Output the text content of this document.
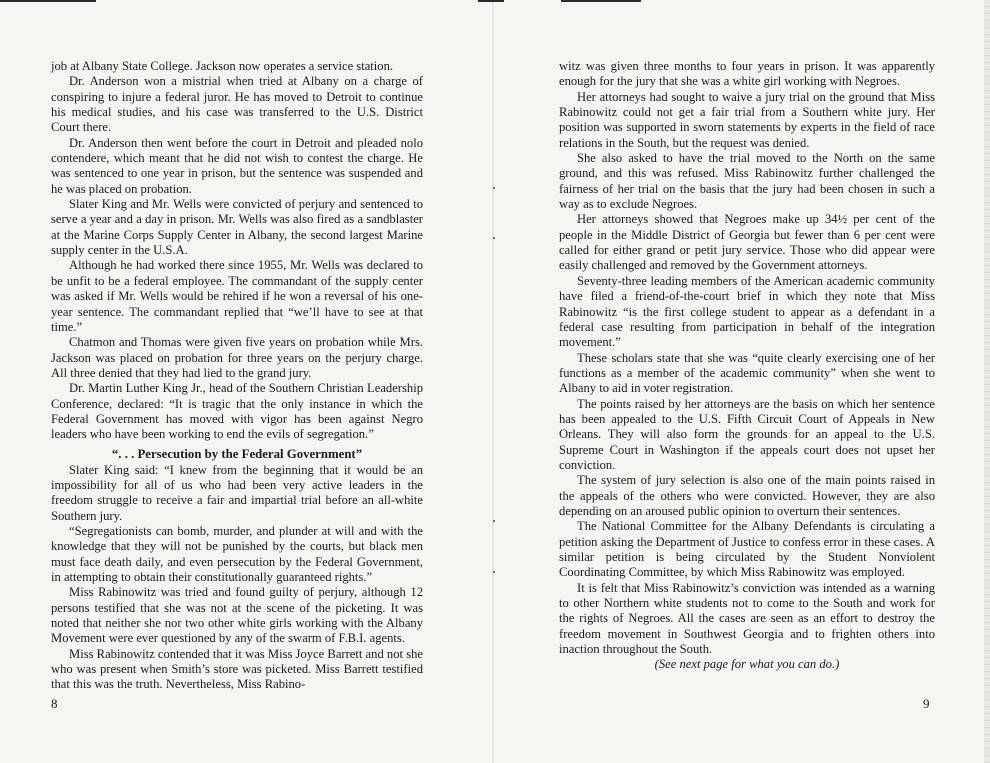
job at Albany State College. Jackson now operates a service station.

Dr. Anderson won a mistrial when tried at Albany on a charge of conspiring to injure a federal juror. He has moved to Detroit to continue his medical studies, and his case was transferred to the U.S. District Court there.

Dr. Anderson then went before the court in Detroit and pleaded nolo contendere, which meant that he did not wish to contest the charge. He was sentenced to one year in prison, but the sentence was suspended and he was placed on probation.

Slater King and Mr. Wells were convicted of perjury and sentenced to serve a year and a day in prison. Mr. Wells was also fired as a sandblaster at the Marine Corps Supply Center in Albany, the second largest Marine supply center in the U.S.A.

Although he had worked there since 1955, Mr. Wells was declared to be unfit to be a federal employee. The commandant of the supply center was asked if Mr. Wells would be rehired if he won a reversal of his one-year sentence. The commandant replied that “we’ll have to see at that time.”

Chatmon and Thomas were given five years on probation while Mrs. Jackson was placed on probation for three years on the perjury charge. All three denied that they had lied to the grand jury.

Dr. Martin Luther King Jr., head of the Southern Christian Leadership Conference, declared: “It is tragic that the only instance in which the Federal Government has moved with vigor has been against Negro leaders who have been working to end the evils of segregation.”

“. . . Persecution by the Federal Government”

Slater King said: “I knew from the beginning that it would be an impossibility for all of us who had been very active leaders in the freedom struggle to receive a fair and impartial trial before an all-white Southern jury.

“Segregationists can bomb, murder, and plunder at will and with the knowledge that they will not be punished by the courts, but black men must face death daily, and even persecution by the Federal Government, in attempting to obtain their constitutionally guaranteed rights.”

Miss Rabinowitz was tried and found guilty of perjury, although 12 persons testified that she was not at the scene of the picketing. It was noted that neither she nor two other white girls working with the Albany Movement were ever questioned by any of the swarm of F.B.I. agents.

Miss Rabinowitz contended that it was Miss Joyce Barrett and not she who was present when Smith’s store was picketed. Miss Barrett testified that this was the truth. Nevertheless, Miss Rabino-

8

witz was given three months to four years in prison. It was apparently enough for the jury that she was a white girl working with Negroes.

Her attorneys had sought to waive a jury trial on the ground that Miss Rabinowitz could not get a fair trial from a Southern white jury. Her position was supported in sworn statements by experts in the field of race relations in the South, but the request was denied.

She also asked to have the trial moved to the North on the same ground, and this was refused. Miss Rabinowitz further challenged the fairness of her trial on the basis that the jury had been chosen in such a way as to exclude Negroes.

Her attorneys showed that Negroes make up 34½ per cent of the people in the Middle District of Georgia but fewer than 6 per cent were called for either grand or petit jury service. Those who did appear were easily challenged and removed by the Government attorneys.

Seventy-three leading members of the American academic community have filed a friend-of-the-court brief in which they note that Miss Rabinowitz “is the first college student to appear as a defendant in a federal case resulting from participation in behalf of the integration movement.”

These scholars state that she was “quite clearly exercising one of her functions as a member of the academic community” when she went to Albany to aid in voter registration.

The points raised by her attorneys are the basis on which her sentence has been appealed to the U.S. Fifth Circuit Court of Appeals in New Orleans. They will also form the grounds for an appeal to the U.S. Supreme Court in Washington if the appeals court does not upset her conviction.

The system of jury selection is also one of the main points raised in the appeals of the others who were convicted. However, they are also depending on an aroused public opinion to overturn their sentences.

The National Committee for the Albany Defendants is circulating a petition asking the Department of Justice to confess error in these cases. A similar petition is being circulated by the Student Nonviolent Coordinating Committee, by which Miss Rabinowitz was employed.

It is felt that Miss Rabinowitz’s conviction was intended as a warning to other Northern white students not to come to the South and work for the rights of Negroes. All the cases are seen as an effort to destroy the freedom movement in Southwest Georgia and to frighten others into inaction throughout the South.

(See next page for what you can do.)

9
